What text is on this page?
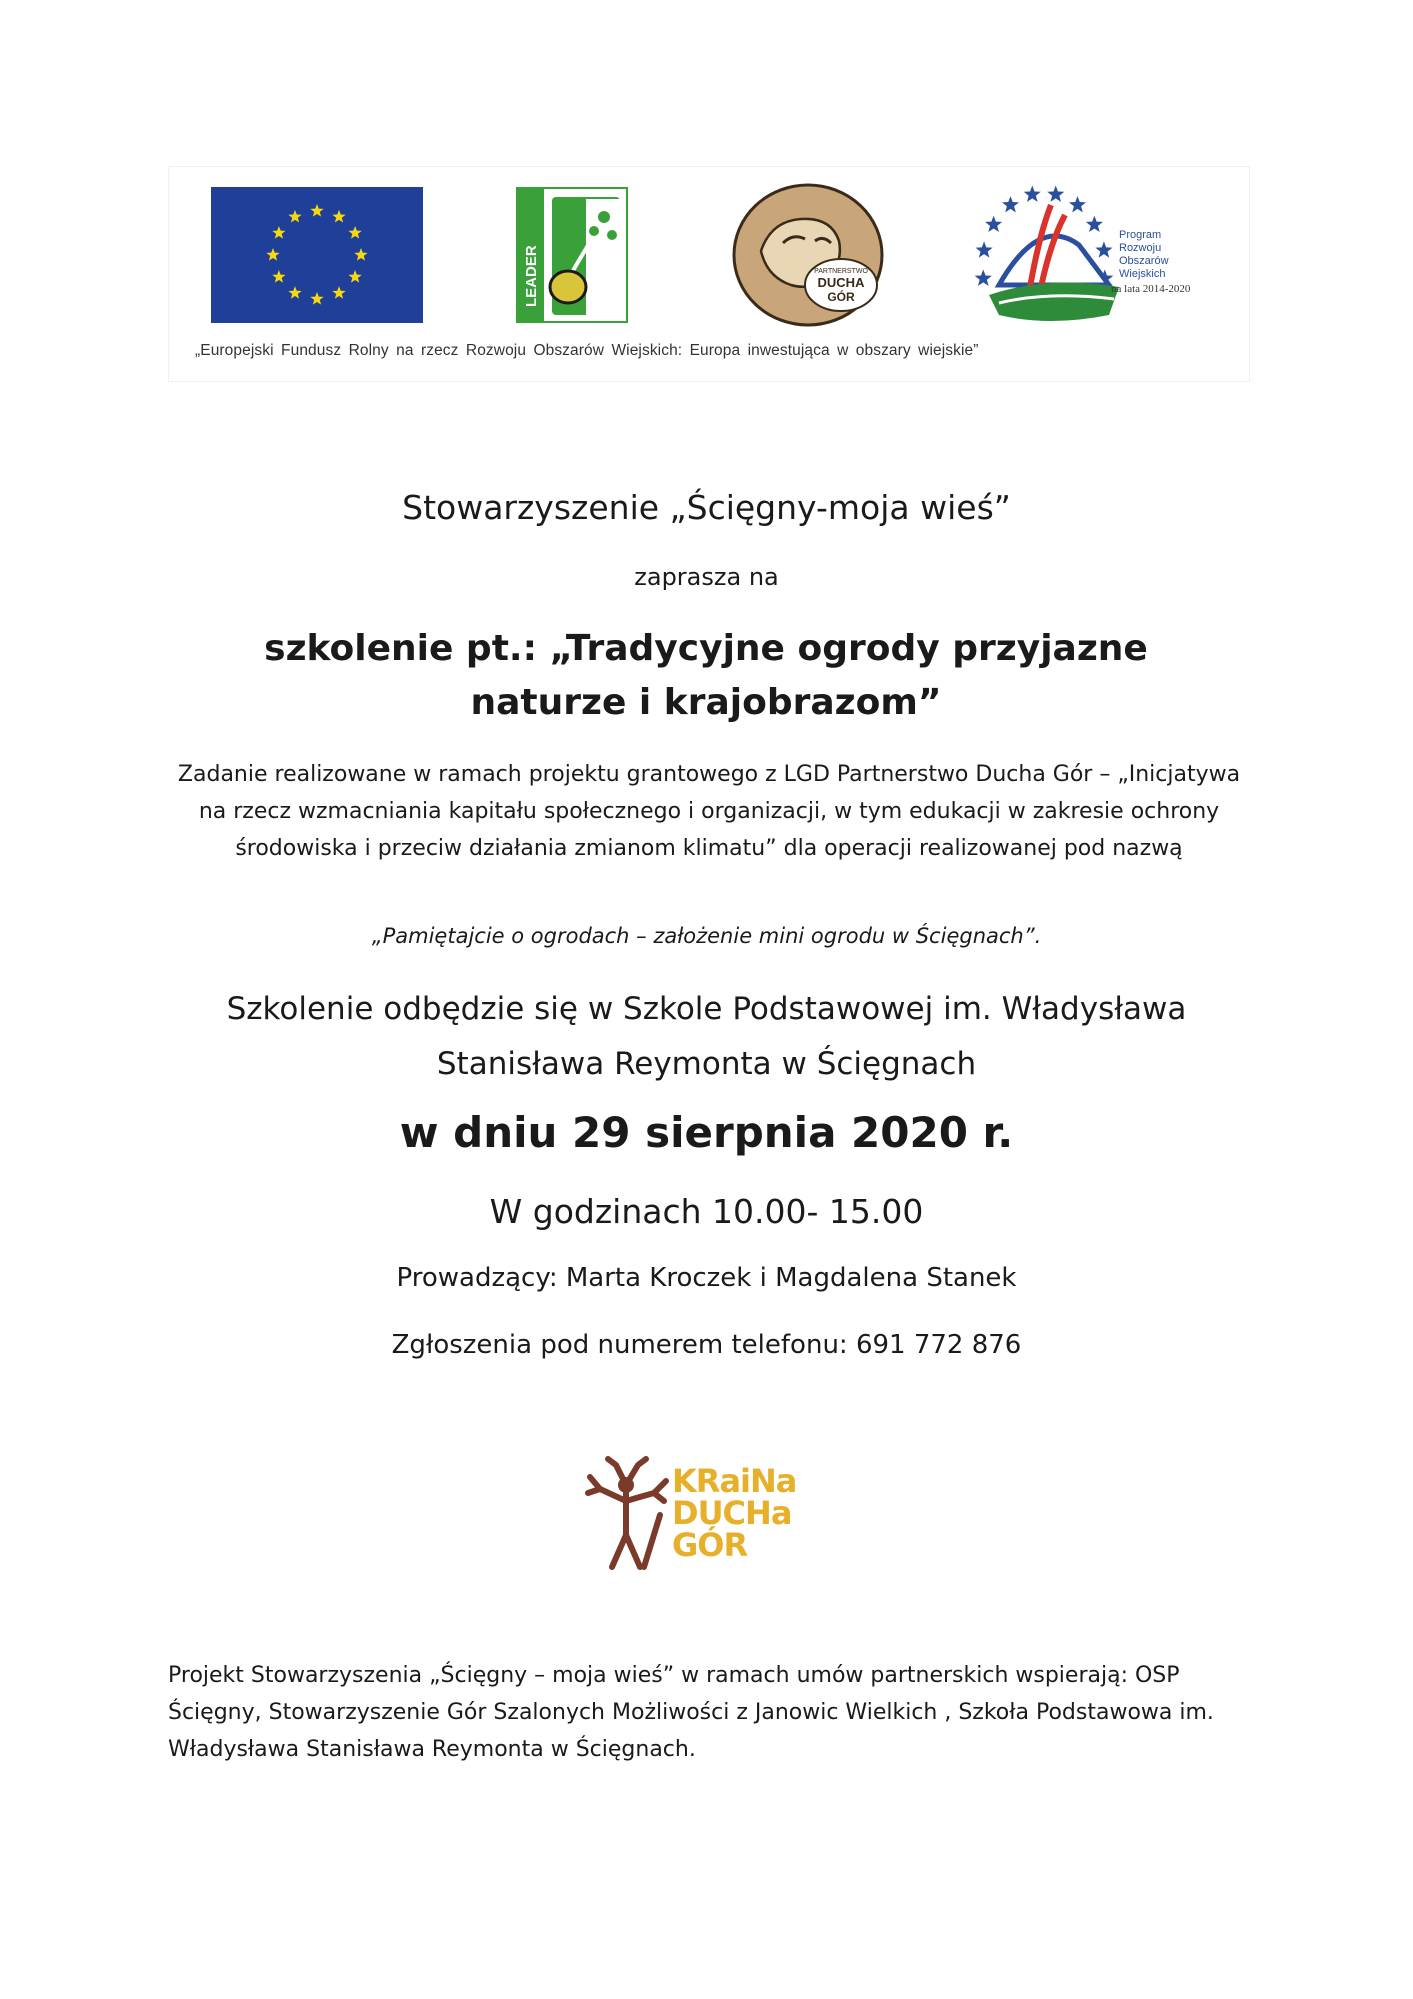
LEADER	PARTNERSTWO
DUCHA
GÓR
Program
Rozwoju
Obszarów
Wiejskich
na lata 2014-2020
„Europejski Fundusz Rolny na rzecz Rozwoju Obszarów Wiejskich: Europa inwestująca w obszary wiejskie”
Stowarzyszenie „Ścięgny-moja wieś”
zaprasza na
szkolenie pt.: „Tradycyjne ogrody przyjazne naturze i krajobrazom”
Zadanie realizowane w ramach projektu grantowego z LGD Partnerstwo Ducha Gór – „Inicjatywa na rzecz wzmacniania kapitału społecznego i organizacji, w tym edukacji w zakresie ochrony środowiska i przeciw działania zmianom klimatu” dla operacji realizowanej pod nazwą
„Pamiętajcie o ogrodach – założenie mini ogrodu w Ścięgnach”.
Szkolenie odbędzie się w Szkole Podstawowej im. Władysława Stanisława Reymonta w Ścięgnach
w dniu 29 sierpnia 2020 r.
W godzinach 10.00- 15.00
Prowadzący: Marta Kroczek i Magdalena Stanek
Zgłoszenia pod numerem telefonu: 691 772 876
KRaiNa
DUCHa
GÓR
Projekt Stowarzyszenia „Ścięgny – moja wieś” w ramach umów partnerskich wspierają: OSP Ścięgny, Stowarzyszenie Gór Szalonych Możliwości z Janowic Wielkich , Szkoła Podstawowa im. Władysława Stanisława Reymonta w Ścięgnach.
